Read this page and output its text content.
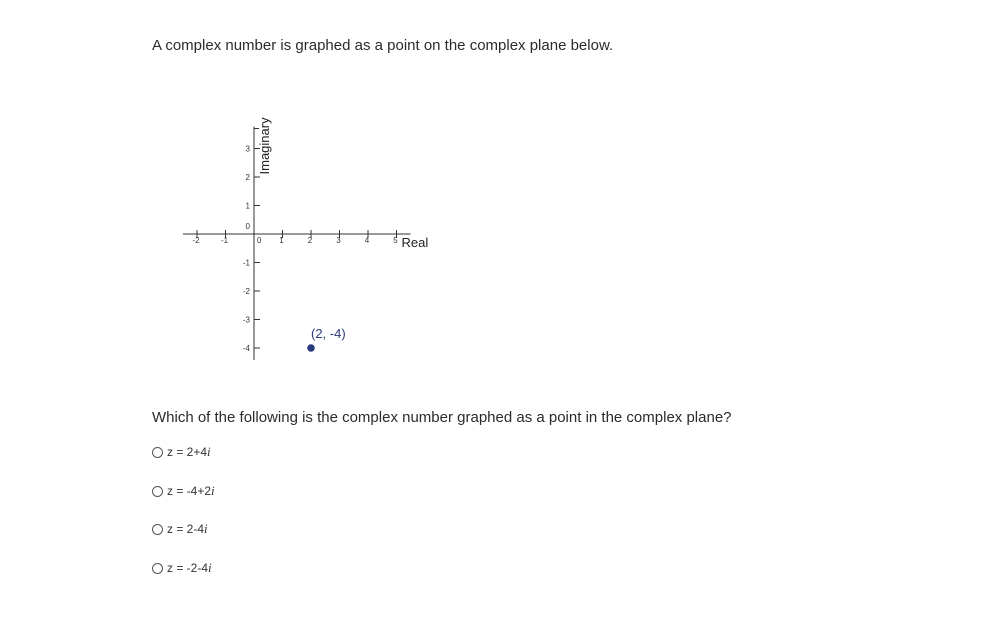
A complex number is graphed as a point on the complex plane below.

-2	-1	0 1	2	3	4	5
3
2
1
0
-1
-2
-3
-4
Real
Imaginary
(2, -4)

Which of the following is the complex number graphed as a point in the complex plane?

z = 2+4i
z = -4+2i
z = 2-4i
z = -2-4i
